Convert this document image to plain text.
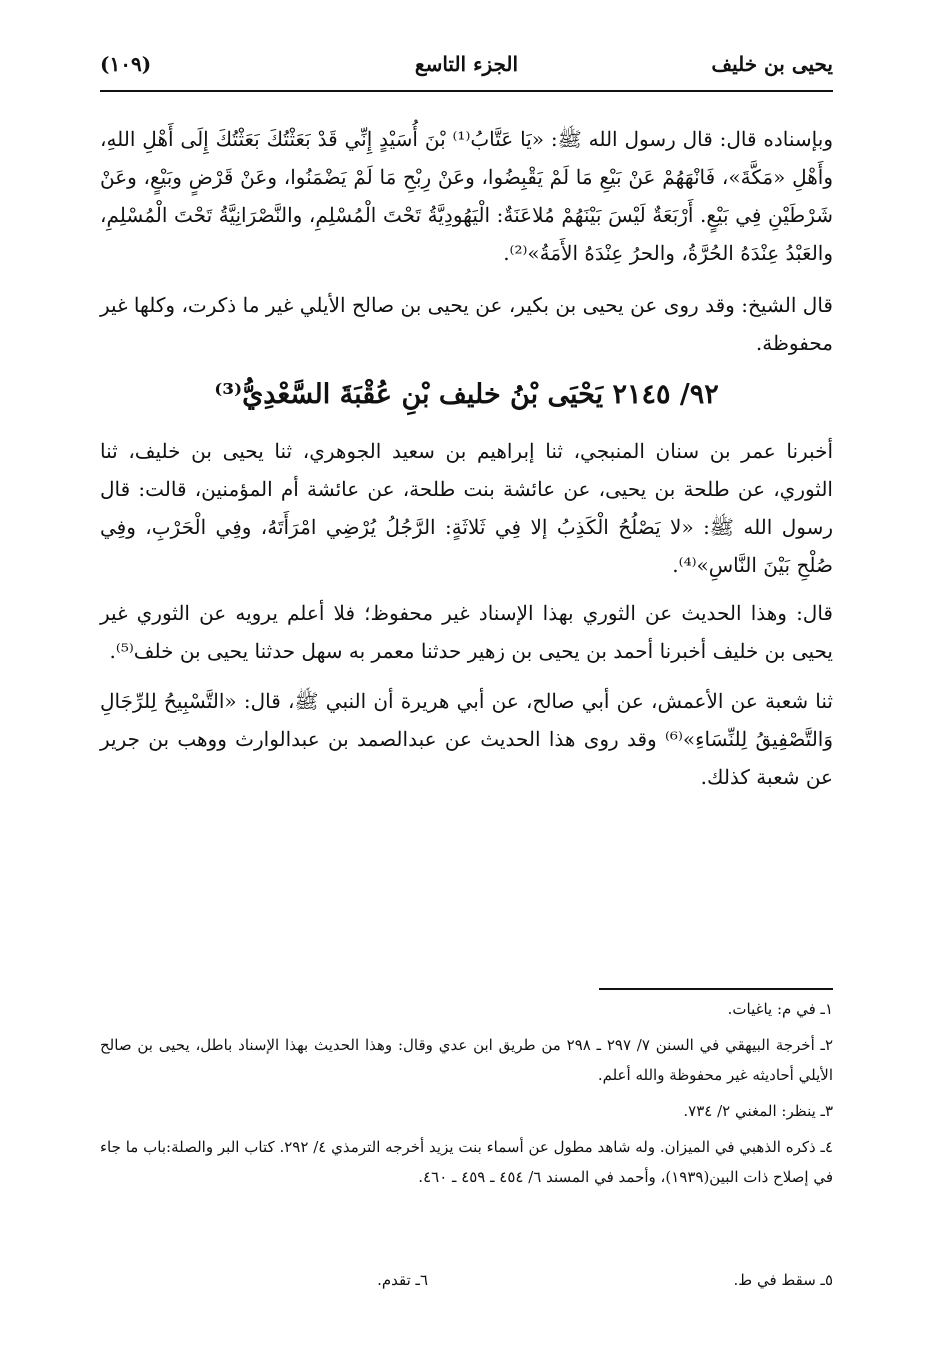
يحيى بن خليف
الجزء التاسع
(١٠٩)

وبإسناده قال: قال رسول الله ﷺ: «يَا عَتَّابُ⁽¹⁾ بْنَ أُسَيْدٍ إِنِّي قَدْ بَعَثْتُكَ بَعَثْتُكَ إِلَى أَهْلِ اللهِ، وأَهْلِ «مَكَّةَ»، فَانْهَهُمْ عَنْ بَيْعِ مَا لَمْ يَقْبِضُوا، وعَنْ رِبْحِ مَا لَمْ يَضْمَنُوا، وعَنْ قَرْضٍ وبَيْعٍ، وعَنْ شَرْطَيْنِ فِي بَيْعٍ. أَرْبَعَةٌ لَيْسَ بَيْنَهُمْ مُلاعَنَةٌ: الْيَهُودِيَّةُ تَحْتَ الْمُسْلِمِ، والنَّصْرَانِيَّةُ تَحْتَ الْمُسْلِمِ، والعَبْدُ عِنْدَهُ الحُرَّةُ، والحرُ عِنْدَهُ الأَمَةُ»⁽²⁾.

قال الشيخ: وقد روى عن يحيى بن بكير، عن يحيى بن صالح الأيلي غير ما ذكرت، وكلها غير محفوظة.

٩٢/ ٢١٤٥ يَحْيَى بْنُ خليف بْنِ عُقْبَةَ السَّعْدِيُّ⁽³⁾

أخبرنا عمر بن سنان المنبجي، ثنا إبراهيم بن سعيد الجوهري، ثنا يحيى بن خليف، ثنا الثوري، عن طلحة بن يحيى، عن عائشة بنت طلحة، عن عائشة أم المؤمنين، قالت: قال رسول الله ﷺ: «لا يَصْلُحُ الْكَذِبُ إلا فِي ثَلاثَةٍ: الرَّجُلُ يُرْضِي امْرَأَتَهُ، وفِي الْحَرْبِ، وفِي صُلْحِ بَيْنَ النَّاسِ»⁽⁴⁾.

قال: وهذا الحديث عن الثوري بهذا الإسناد غير محفوظ؛ فلا أعلم يرويه عن الثوري غير يحيى بن خليف أخبرنا أحمد بن يحيى بن زهير حدثنا معمر به سهل حدثنا يحيى بن خلف⁽⁵⁾.

ثنا شعبة عن الأعمش، عن أبي صالح، عن أبي هريرة أن النبي ﷺ، قال: «التَّسْبِيحُ لِلرِّجَالِ وَالتَّصْفِيقُ لِلنِّسَاءِ»⁽⁶⁾ وقد روى هذا الحديث عن عبدالصمد بن عبدالوارث ووهب بن جرير عن شعبة كذلك.

١ـ في م: ياغيات.

٢ـ أخرجة البيهقي في السنن ٧/ ٢٩٧ ـ ٢٩٨ من طريق ابن عدي وقال: وهذا الحديث بهذا الإسناد باطل، يحيى بن صالح الأيلي أحاديثه غير محفوظة والله أعلم.

٣ـ ينظر: المغني ٢/ ٧٣٤.

٤ـ ذكره الذهبي في الميزان. وله شاهد مطول عن أسماء بنت يزيد أخرجه الترمذي ٤/ ٢٩٢. كتاب البر والصلة:باب ما جاء في إصلاح ذات البين(١٩٣٩)، وأحمد في المسند ٦/ ٤٥٤ ـ ٤٥٩ ـ ٤٦٠.

٥ـ سقط في ط.
٦ـ تقدم.
